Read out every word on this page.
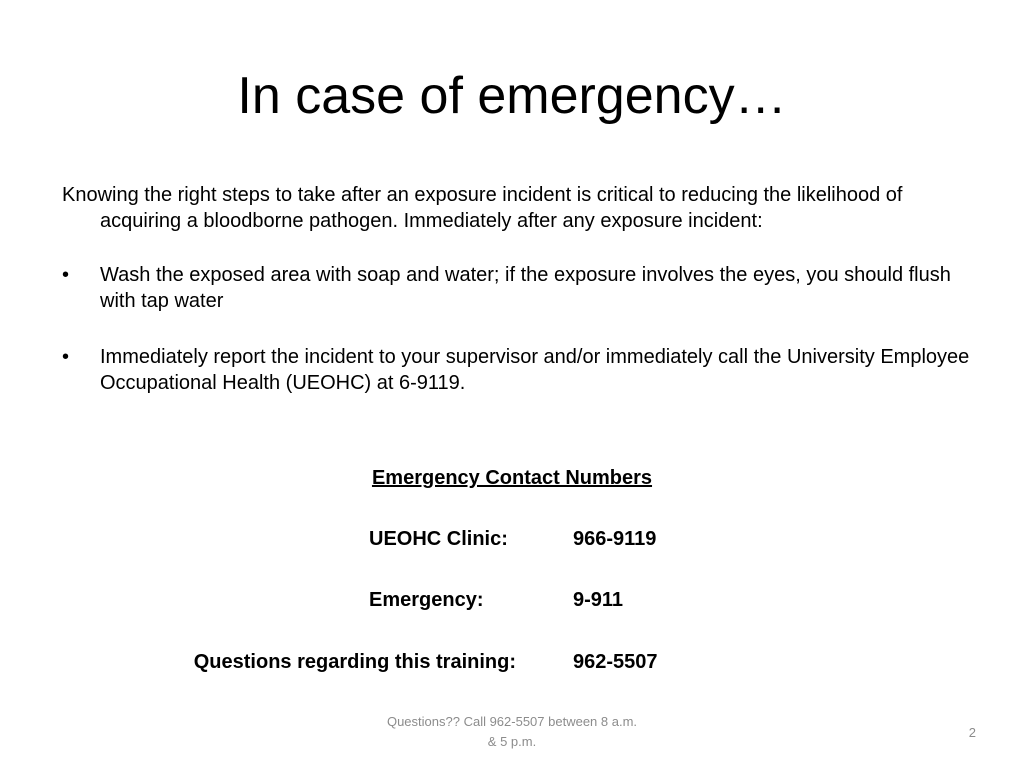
In case of emergency…

Knowing the right steps to take after an exposure incident is critical to reducing the likelihood of acquiring a bloodborne pathogen. Immediately after any exposure incident:

• Wash the exposed area with soap and water; if the exposure involves the eyes, you should flush with tap water
• Immediately report the incident to your supervisor and/or immediately call the University Employee Occupational Health (UEOHC) at 6-9119.
Emergency Contact Numbers
UEOHC Clinic:	966-9119
Emergency:	9-911
Questions regarding this training:	962-5507
Questions?? Call 962-5507 between 8 a.m.
& 5 p.m.
2
